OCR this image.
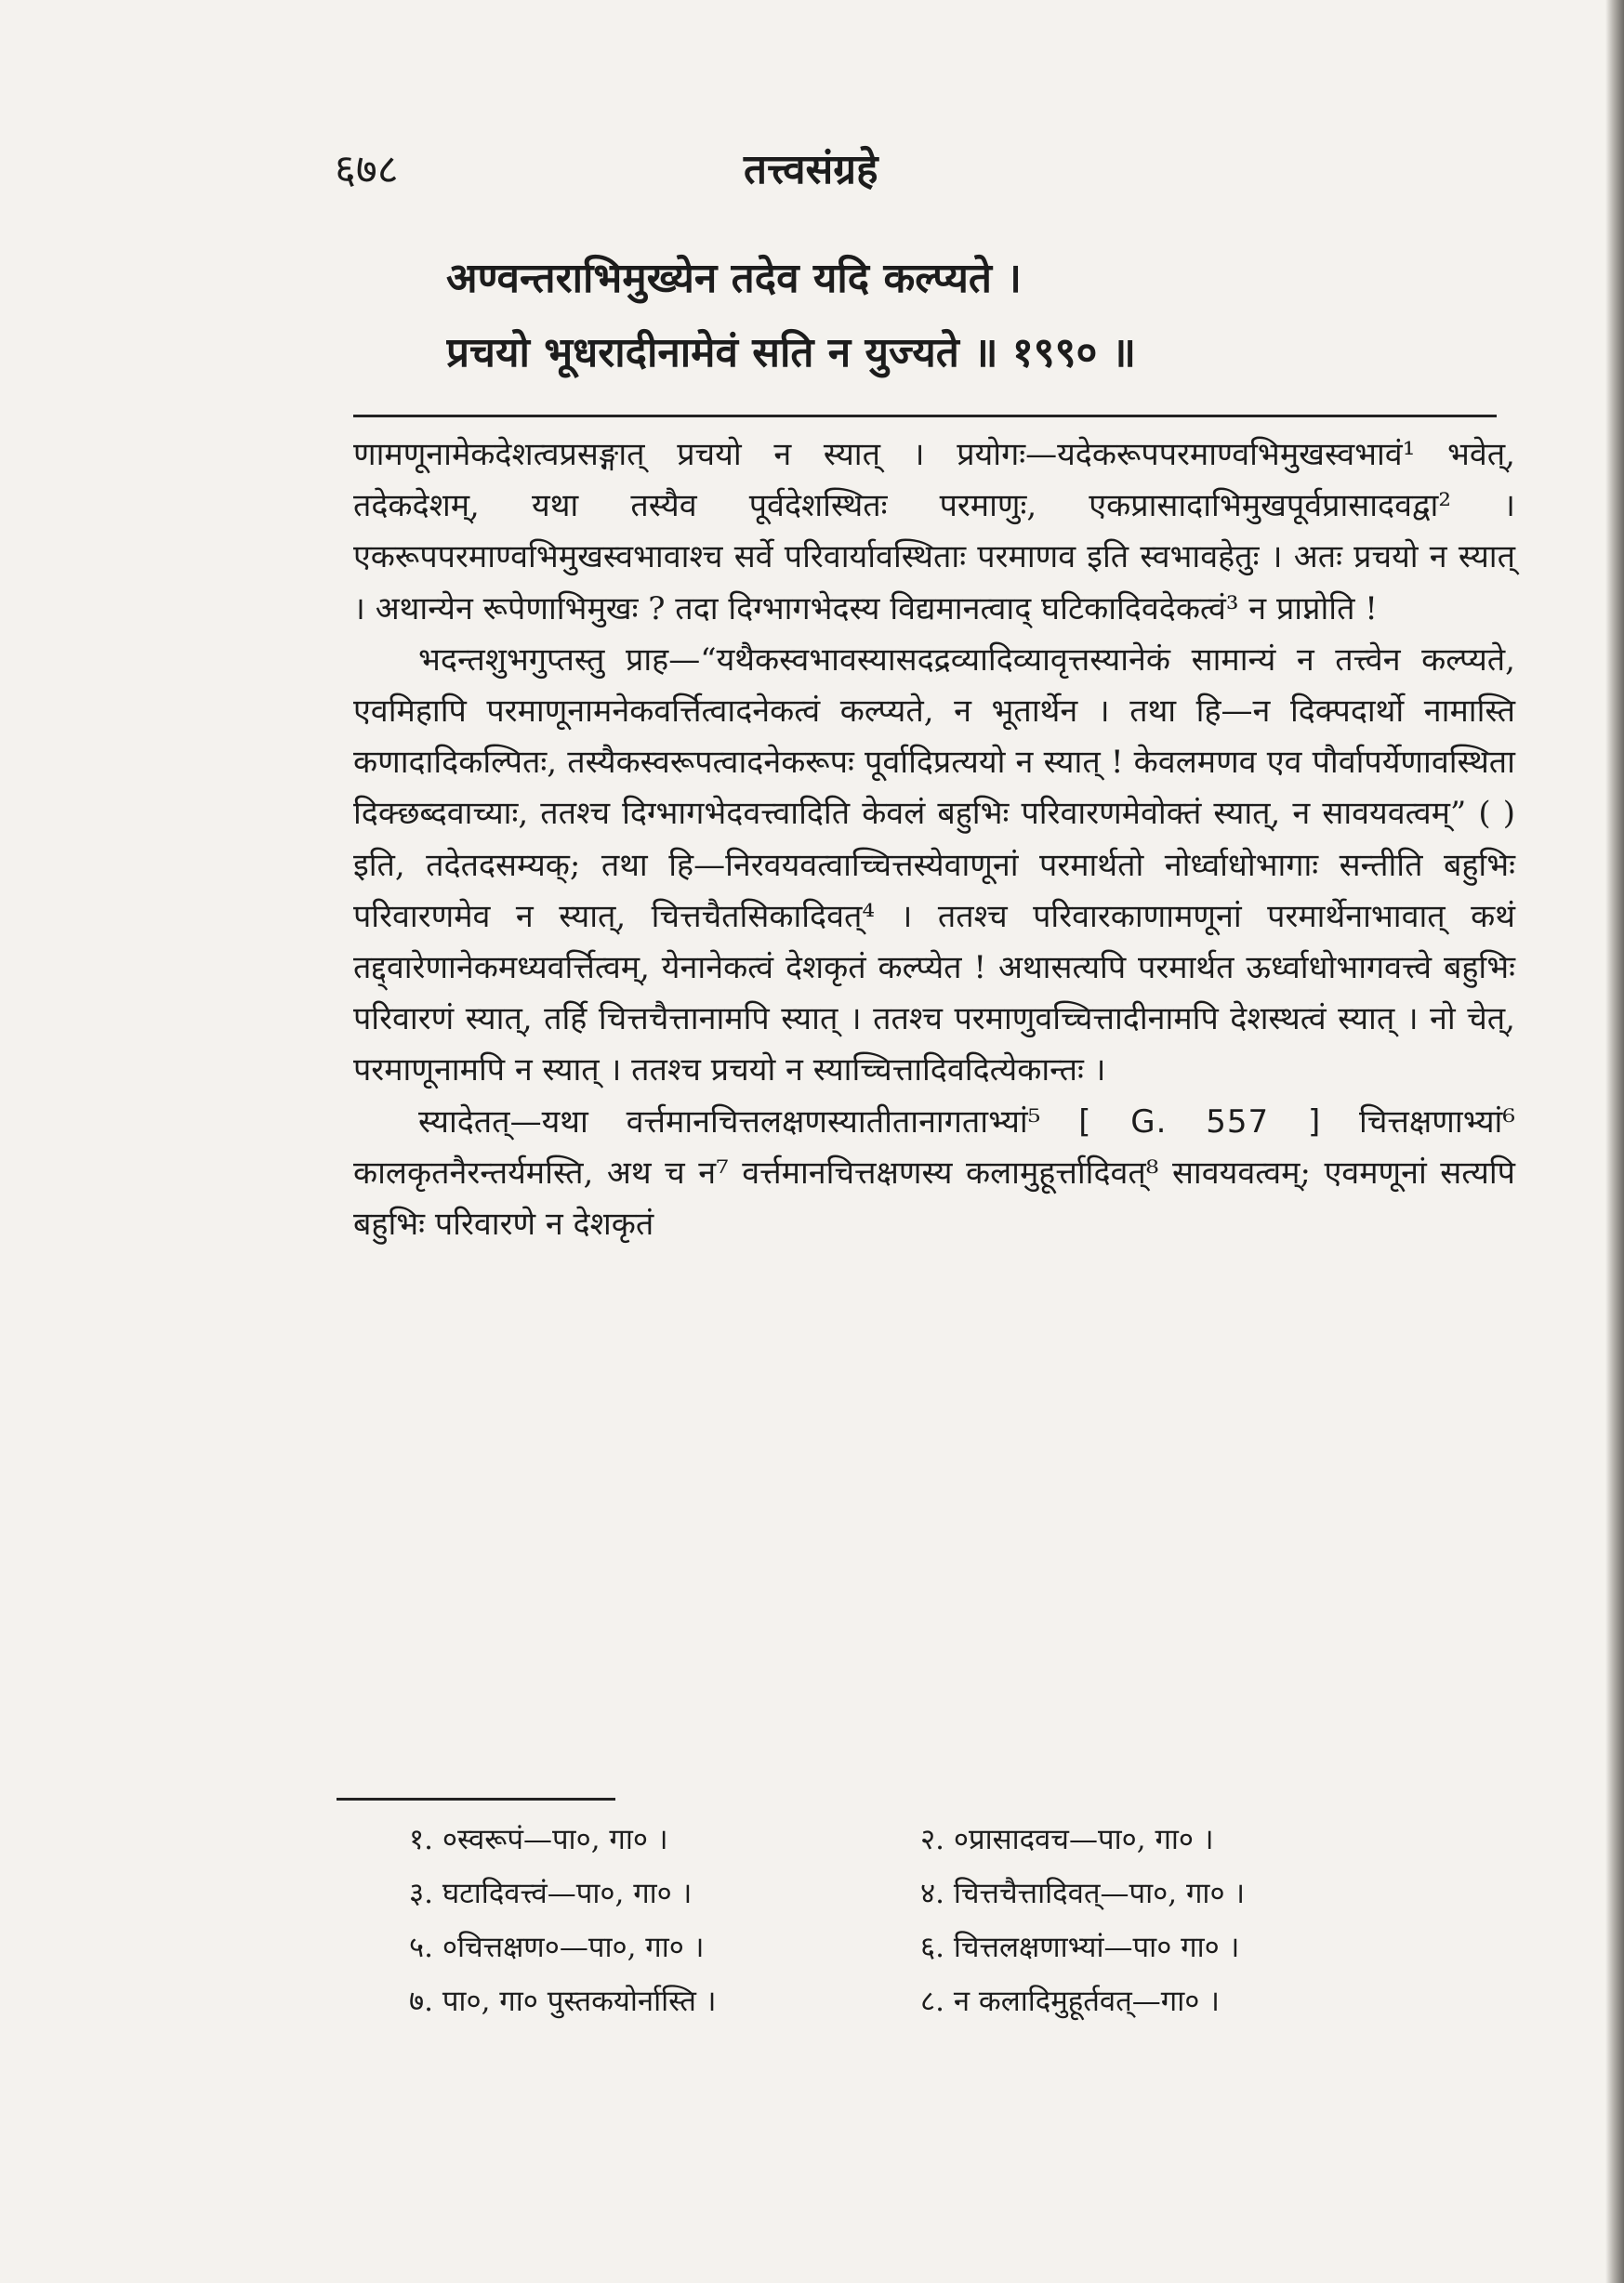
६७८	तत्त्वसंग्रहे
अण्वन्तराभिमुख्येन तदेव यदि कल्प्यते ।
प्रचयो भूधरादीनामेवं सति न युज्यते ॥ १९९० ॥

णामणूनामेकदेशत्वप्रसङ्गात् प्रचयो न स्यात् । प्रयोगः—यदेकरूपपरमाण्वभिमुखस्वभावं¹ भवेत्, तदेकदेशम्, यथा तस्यैव पूर्वदेशस्थितः परमाणुः, एकप्रासादाभिमुखपूर्वप्रासादवद्वा² । एकरूपपरमाण्वभिमुखस्वभावाश्च सर्वे परिवार्यावस्थिताः परमाणव इति स्वभावहेतुः । अतः प्रचयो न स्यात् । अथान्येन रूपेणाभिमुखः ? तदा दिग्भागभेदस्य विद्यमानत्वाद् घटिकादिवदेकत्वं³ न प्राप्नोति !

भदन्तशुभगुप्तस्तु प्राह—“यथैकस्वभावस्यासदद्रव्यादिव्यावृत्तस्यानेकं सामान्यं न तत्त्वेन कल्प्यते, एवमिहापि परमाणूनामनेकवर्त्तित्वादनेकत्वं कल्प्यते, न भूतार्थेन । तथा हि—न दिक्पदार्थो नामास्ति कणादादिकल्पितः, तस्यैकस्वरूपत्वादनेकरूपः पूर्वादिप्रत्ययो न स्यात् ! केवलमणव एव पौर्वापर्येणावस्थिता दिक्छब्दवाच्याः, ततश्च दिग्भागभेदवत्त्वादिति केवलं बहुभिः परिवारणमेवोक्तं स्यात्, न सावयवत्वम्” ( ) इति, तदेतदसम्यक्; तथा हि—निरवयवत्वाच्चित्तस्येवाणूनां परमार्थतो नोर्ध्वाधोभागाः सन्तीति बहुभिः परिवारणमेव न स्यात्, चित्तचैतसिकादिवत्⁴ । ततश्च परिवारकाणामणूनां परमार्थेनाभावात् कथं तद्द्वारेणानेकमध्यवर्त्तित्वम्, येनानेकत्वं देशकृतं कल्प्येत ! अथासत्यपि परमार्थत ऊर्ध्वाधोभागवत्त्वे बहुभिः परिवारणं स्यात्, तर्हि चित्तचैत्तानामपि स्यात् । ततश्च परमाणुवच्चित्तादीनामपि देशस्थत्वं स्यात् । नो चेत्, परमाणूनामपि न स्यात् । ततश्च प्रचयो न स्याच्चित्तादिवदित्येकान्तः ।

स्यादेतत्—यथा वर्त्तमानचित्तलक्षणस्यातीतानागताभ्यां⁵ [ G. 557 ] चित्तक्षणाभ्यां⁶ कालकृतनैरन्तर्यमस्ति, अथ च न⁷ वर्त्तमानचित्तक्षणस्य कलामुहूर्त्तादिवत्⁸ सावयवत्वम्; एवमणूनां सत्यपि बहुभिः परिवारणे न देशकृतं

१. ०स्वरूपं—पा०, गा० ।	२. ०प्रासादवच—पा०, गा० ।
३. घटादिवत्त्वं—पा०, गा० ।	४. चित्तचैत्तादिवत्—पा०, गा० ।
५. ०चित्तक्षण०—पा०, गा० ।	६. चित्तलक्षणाभ्यां—पा० गा० ।
७. पा०, गा० पुस्तकयोर्नास्ति ।	८. न कलादिमुहूर्तवत्—गा० ।
